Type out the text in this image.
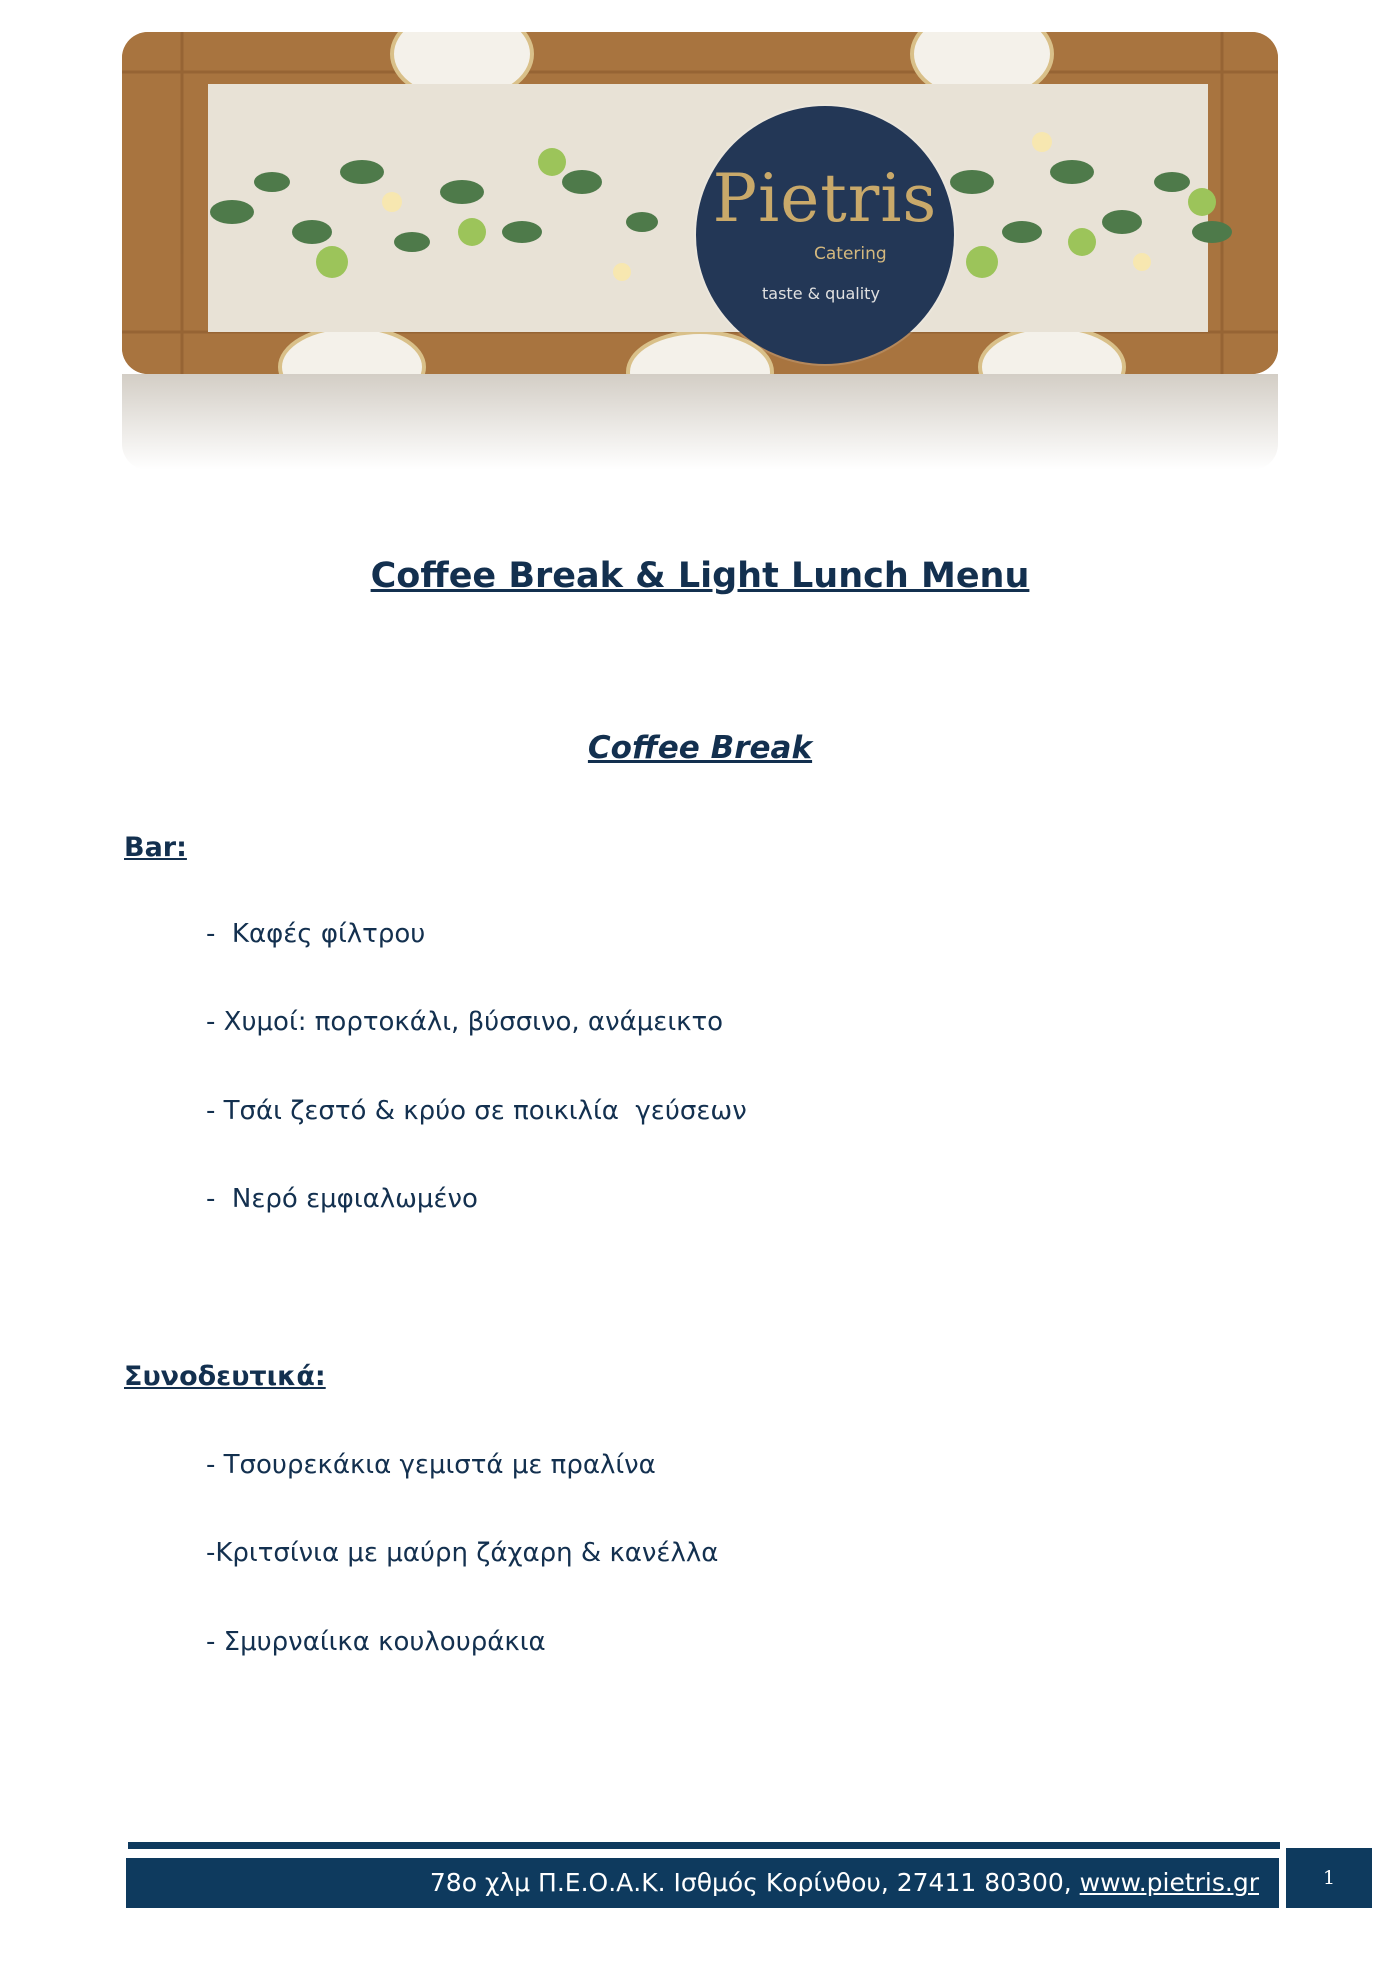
Pietris
Catering
taste & quality
Coffee Break & Light Lunch Menu
Coffee Break
Bar:
-  Καφές φίλτρου
- Χυμοί: πορτοκάλι, βύσσινο, ανάμεικτο
- Τσάι ζεστό & κρύο σε ποικιλία  γεύσεων
-  Νερό εμφιαλωμένο
Συνοδευτικά:
- Τσουρεκάκια γεμιστά με πραλίνα
-Κριτσίνια με μαύρη ζάχαρη & κανέλλα
- Σμυρναίικα κουλουράκια
78ο χλμ Π.Ε.Ο.Α.Κ. Ισθμός Κορίνθου, 27411 80300, www.pietris.gr	1
